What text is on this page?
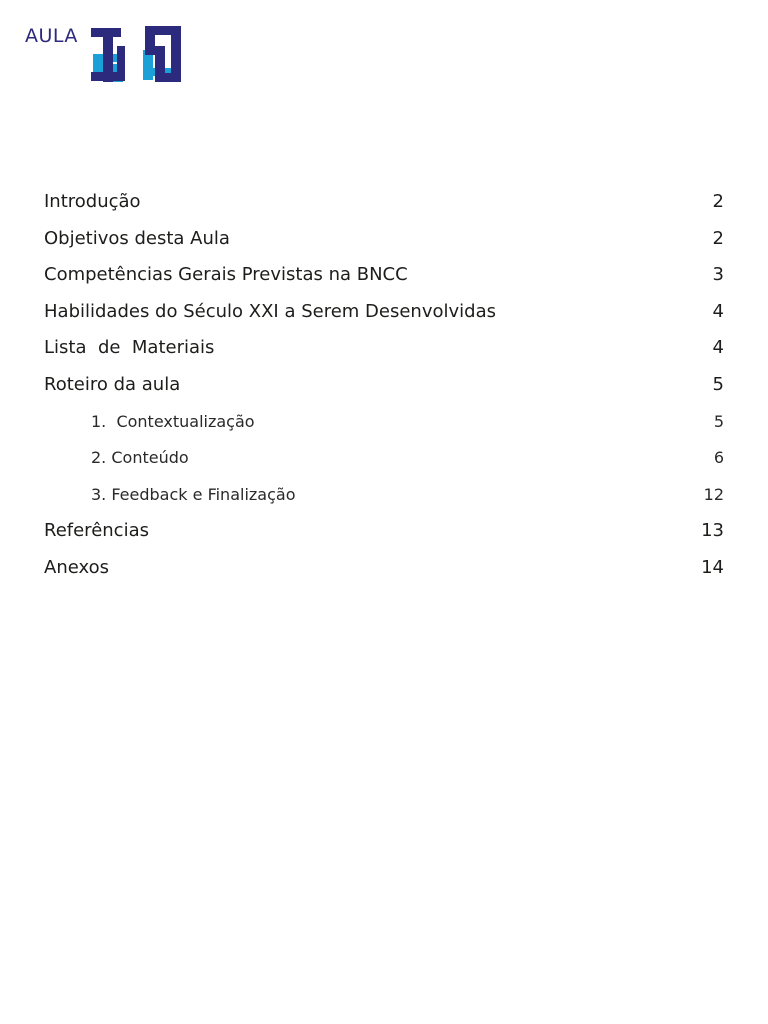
AULA
Introdução	2
Objetivos desta Aula	2
Competências Gerais Previstas na BNCC	3
Habilidades do Século XXI a Serem Desenvolvidas	4
Lista  de  Materiais	4
Roteiro da aula	5
1.  Contextualização	5
2. Conteúdo	6
3. Feedback e Finalização	12
Referências	13
Anexos	14
